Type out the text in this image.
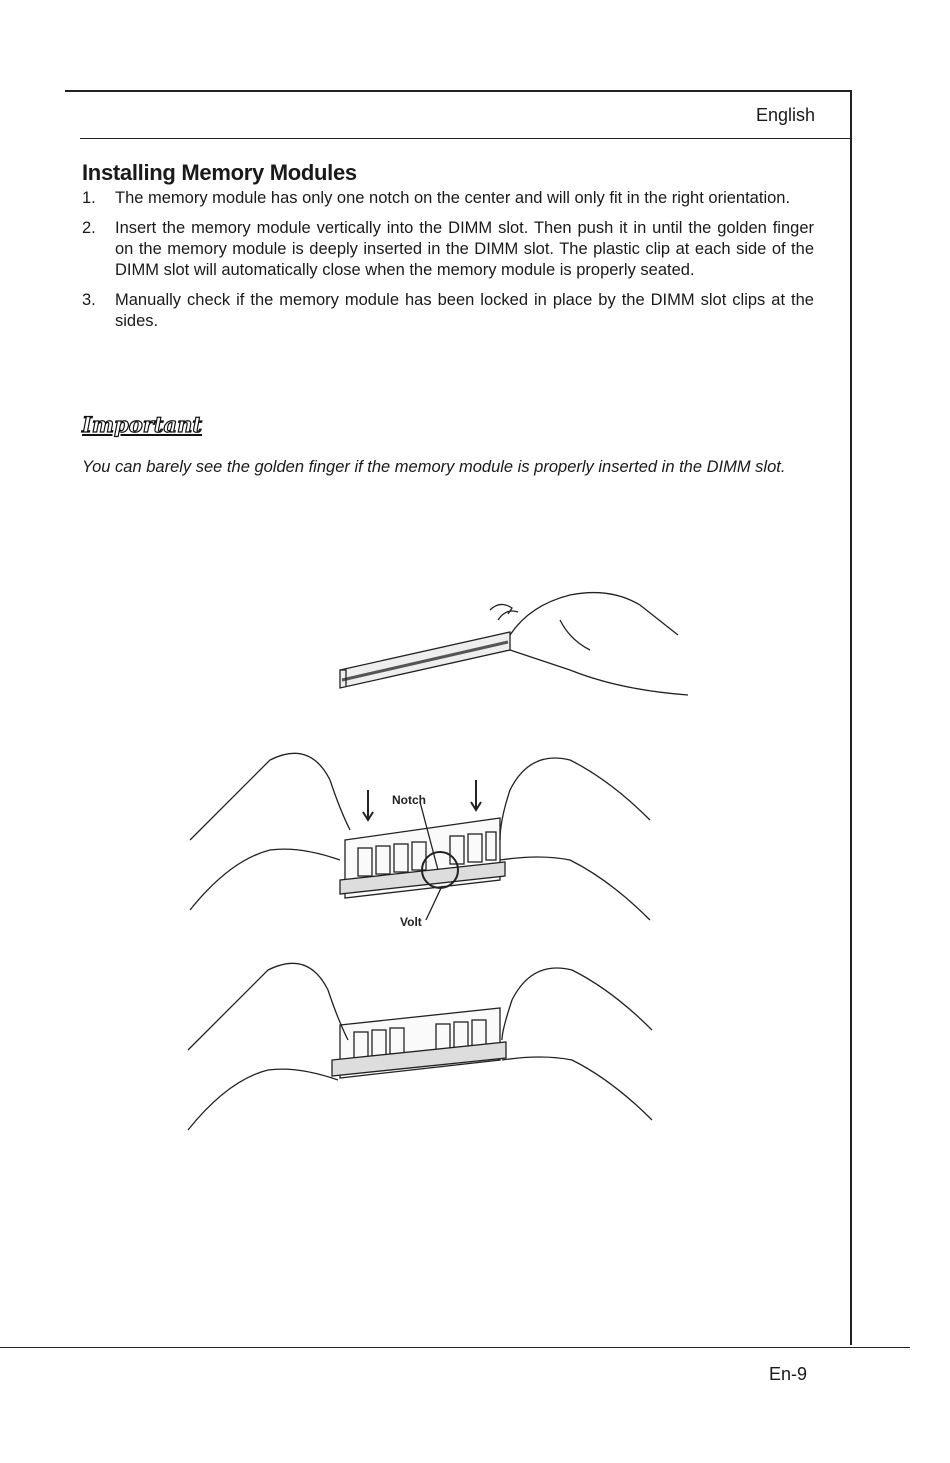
English
Installing Memory Modules
1.	The memory module has only one notch on the center and will only fit in the right orientation.
2.	Insert the memory module vertically into the DIMM slot. Then push it in until the golden finger on the memory module is deeply inserted in the DIMM slot. The plastic clip at each side of the DIMM slot will automatically close when the memory module is properly seated.
3.	Manually check if the memory module has been locked in place by the DIMM slot clips at the sides.
Important

You can barely see the golden finger if the memory module is properly inserted in the DIMM slot.

Notch
Volt
En-9
